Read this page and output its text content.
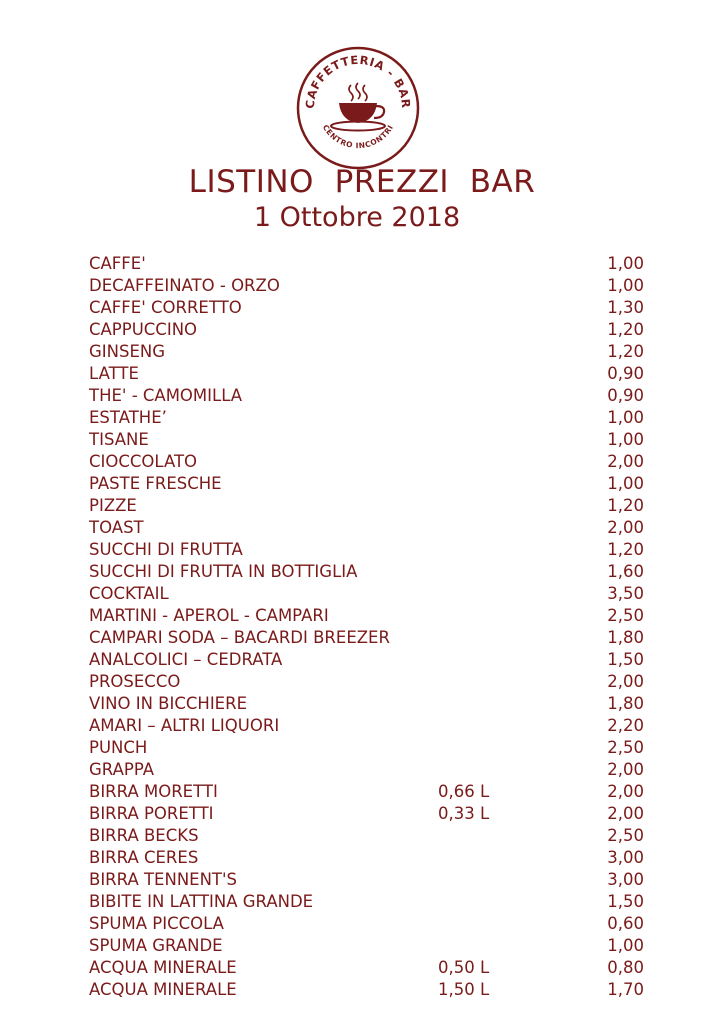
CAFFETTERIA - BAR
CENTRO INCONTRI
LISTINO  PREZZI  BAR
1 Ottobre 2018
CAFFE'	1,00
DECAFFEINATO - ORZO	1,00
CAFFE' CORRETTO	1,30
CAPPUCCINO	1,20
GINSENG	1,20
LATTE	0,90
THE' - CAMOMILLA	0,90
ESTATHE’	1,00
TISANE	1,00
CIOCCOLATO	2,00
PASTE FRESCHE	1,00
PIZZE	1,20
TOAST	2,00
SUCCHI DI FRUTTA	1,20
SUCCHI DI FRUTTA IN BOTTIGLIA	1,60
COCKTAIL	3,50
MARTINI - APEROL - CAMPARI	2,50
CAMPARI SODA – BACARDI BREEZER	1,80
ANALCOLICI – CEDRATA	1,50
PROSECCO	2,00
VINO IN BICCHIERE	1,80
AMARI – ALTRI LIQUORI	2,20
PUNCH	2,50
GRAPPA	2,00
BIRRA MORETTI	0,66 L	2,00
BIRRA PORETTI	0,33 L	2,00
BIRRA BECKS	2,50
BIRRA CERES	3,00
BIRRA TENNENT'S	3,00
BIBITE IN LATTINA GRANDE	1,50
SPUMA PICCOLA	0,60
SPUMA GRANDE	1,00
ACQUA MINERALE	0,50 L	0,80
ACQUA MINERALE	1,50 L	1,70
